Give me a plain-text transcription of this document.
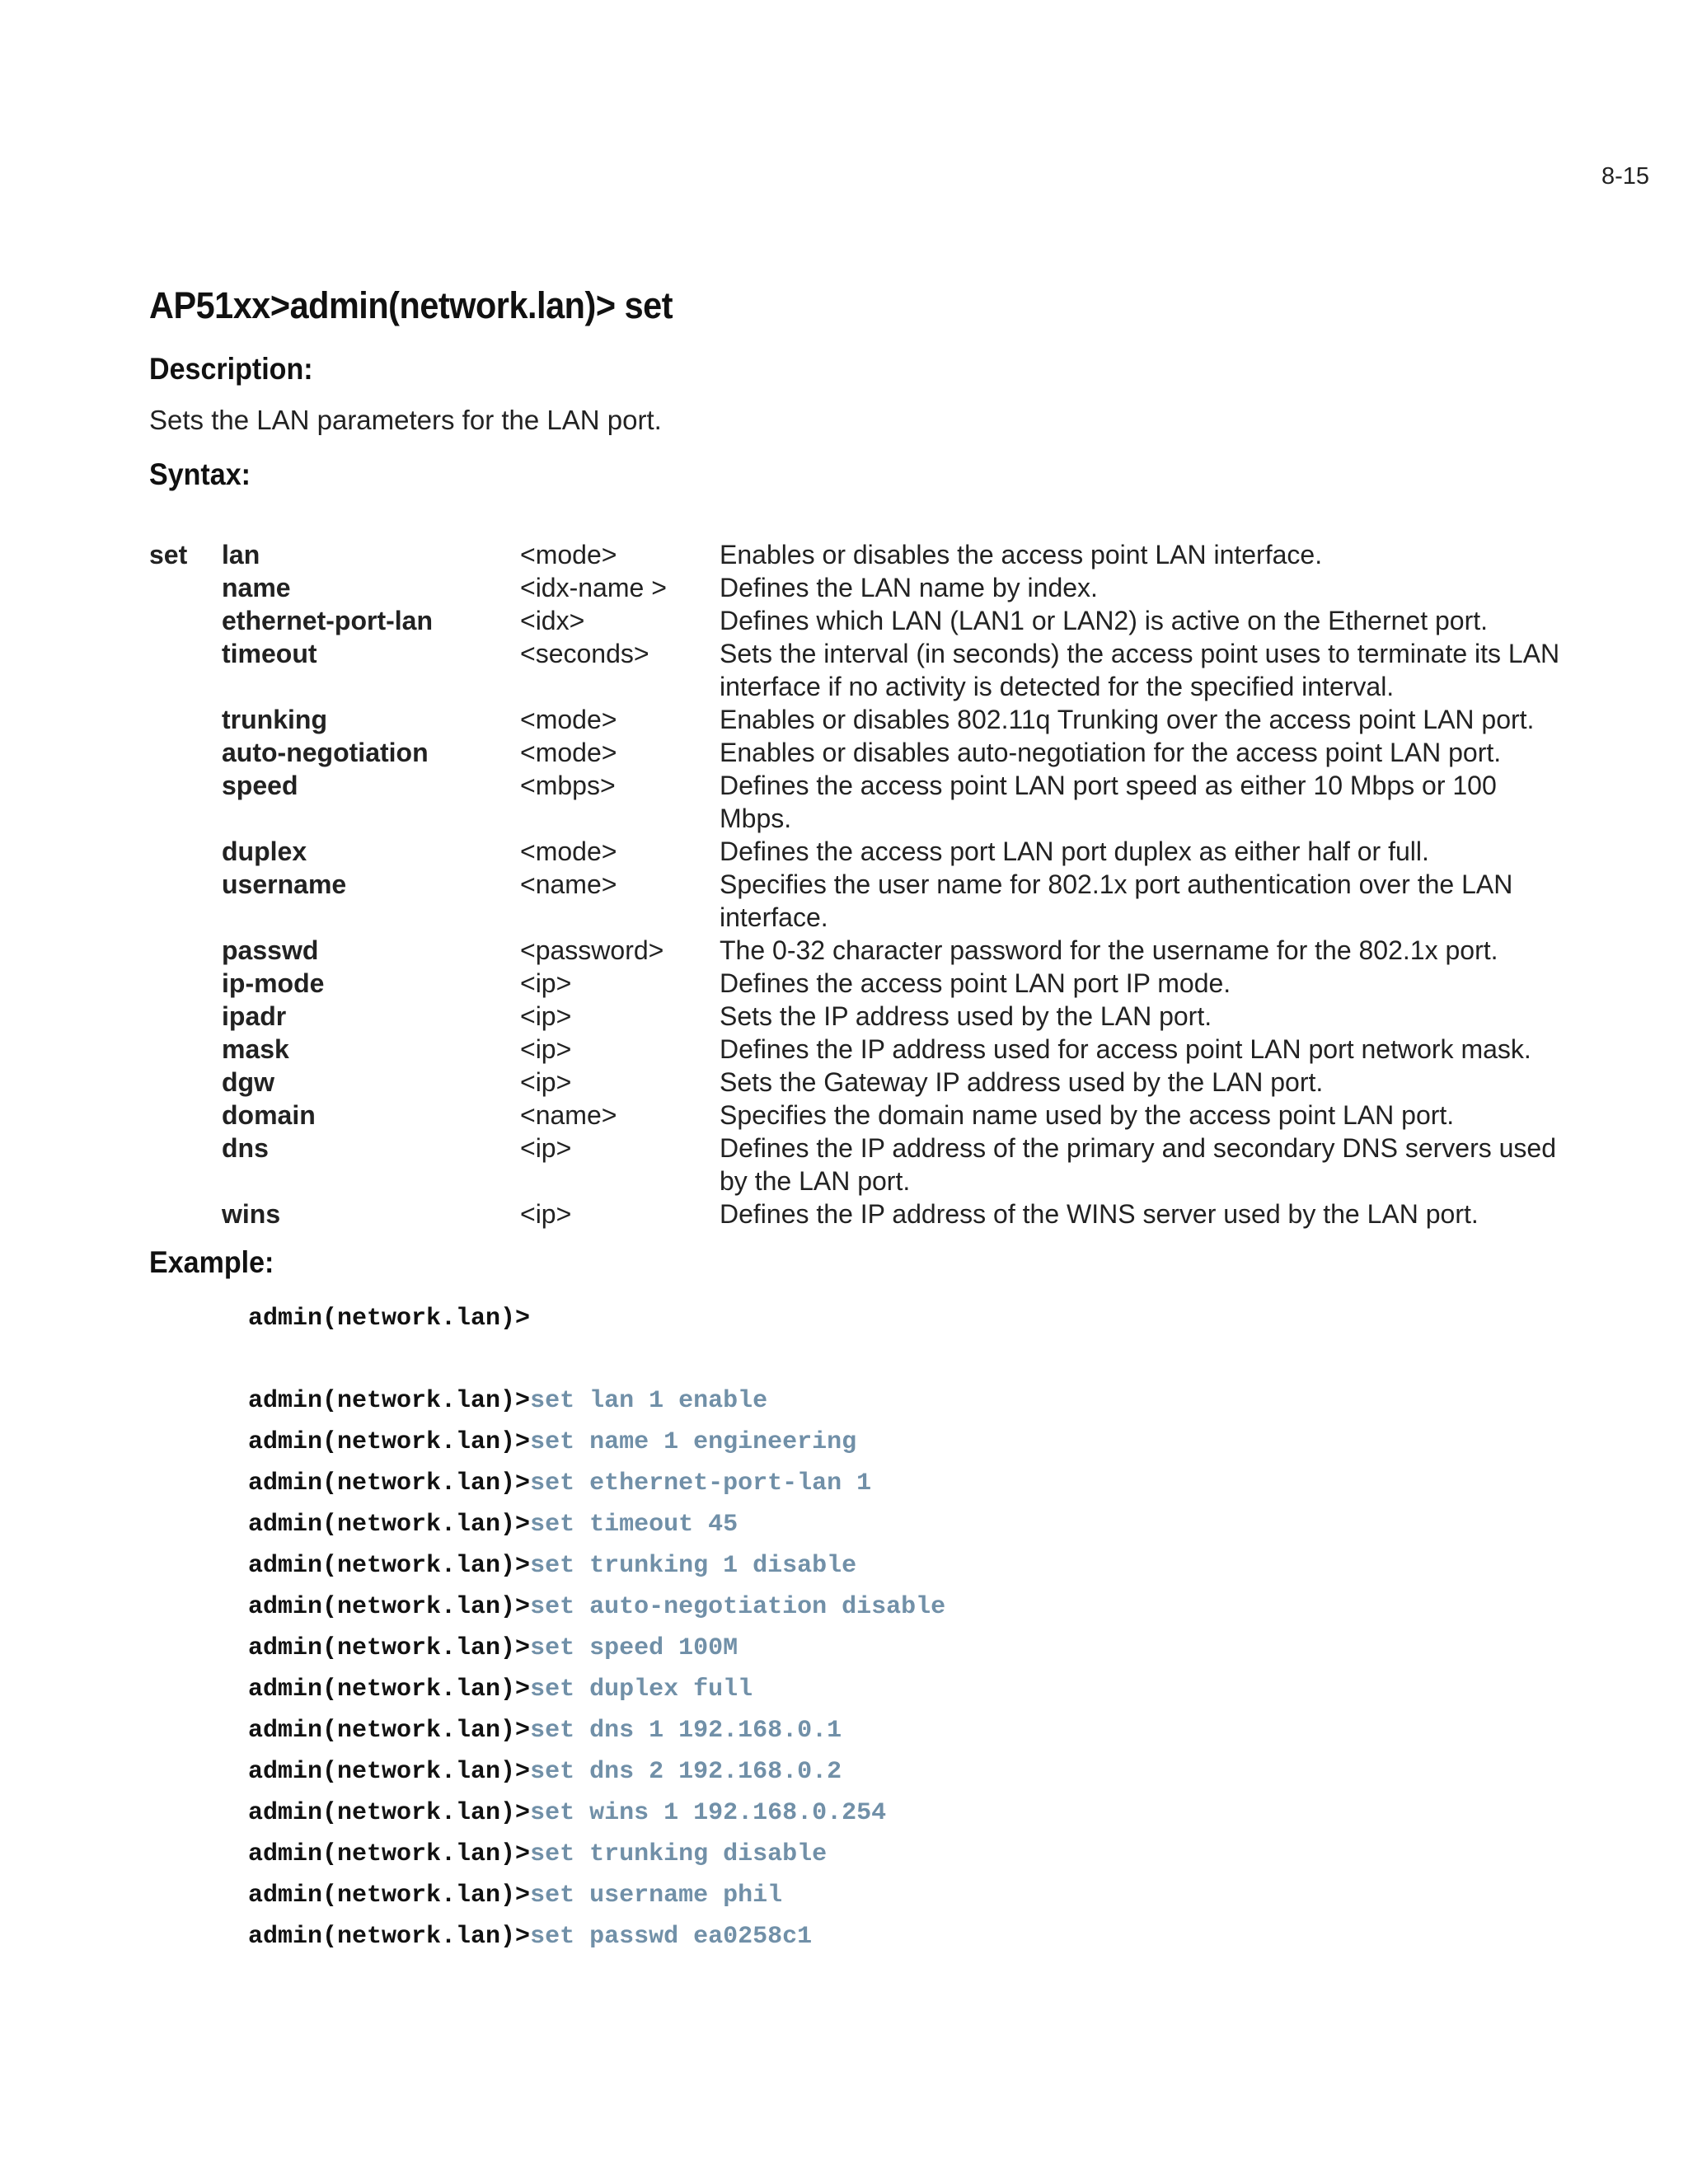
8-15
AP51xx>admin(network.lan)> set
Description:
Sets the LAN parameters for the LAN port.
Syntax:
set	lan	<mode>	Enables or disables the access point LAN interface.
	name	<idx-name >	Defines the LAN name by index.
	ethernet-port-lan	<idx>	Defines which LAN (LAN1 or LAN2) is active on the Ethernet port.
	timeout	<seconds>	Sets the interval (in seconds) the access point uses to terminate its LAN interface if no activity is detected for the specified interval.
	trunking	<mode>	Enables or disables 802.11q Trunking over the access point LAN port.
	auto-negotiation	<mode>	Enables or disables auto-negotiation for the access point LAN port.
	speed	<mbps>	Defines the access point LAN port speed as either 10 Mbps or 100 Mbps.
	duplex	<mode>	Defines the access port LAN port duplex as either half or full.
	username	<name>	Specifies the user name for 802.1x port authentication over the LAN interface.
	passwd	<password>	The 0-32 character password for the username for the 802.1x port.
	ip-mode	<ip>	Defines the access point LAN port IP mode.
	ipadr	<ip>	Sets the IP address used by the LAN port.
	mask	<ip>	Defines the IP address used for access point LAN port network mask.
	dgw	<ip>	Sets the Gateway IP address used by the LAN port.
	domain	<name>	Specifies the domain name used by the access point LAN port.
	dns	<ip>	Defines the IP address of the primary and secondary DNS servers used by the LAN port.
	wins	<ip>	Defines the IP address of the WINS server used by the LAN port.
Example:
admin(network.lan)>
admin(network.lan)>set lan 1 enable
admin(network.lan)>set name 1 engineering
admin(network.lan)>set ethernet-port-lan 1
admin(network.lan)>set timeout 45
admin(network.lan)>set trunking 1 disable
admin(network.lan)>set auto-negotiation disable
admin(network.lan)>set speed 100M
admin(network.lan)>set duplex full
admin(network.lan)>set dns 1 192.168.0.1
admin(network.lan)>set dns 2 192.168.0.2
admin(network.lan)>set wins 1 192.168.0.254
admin(network.lan)>set trunking disable
admin(network.lan)>set username phil
admin(network.lan)>set passwd ea0258c1
